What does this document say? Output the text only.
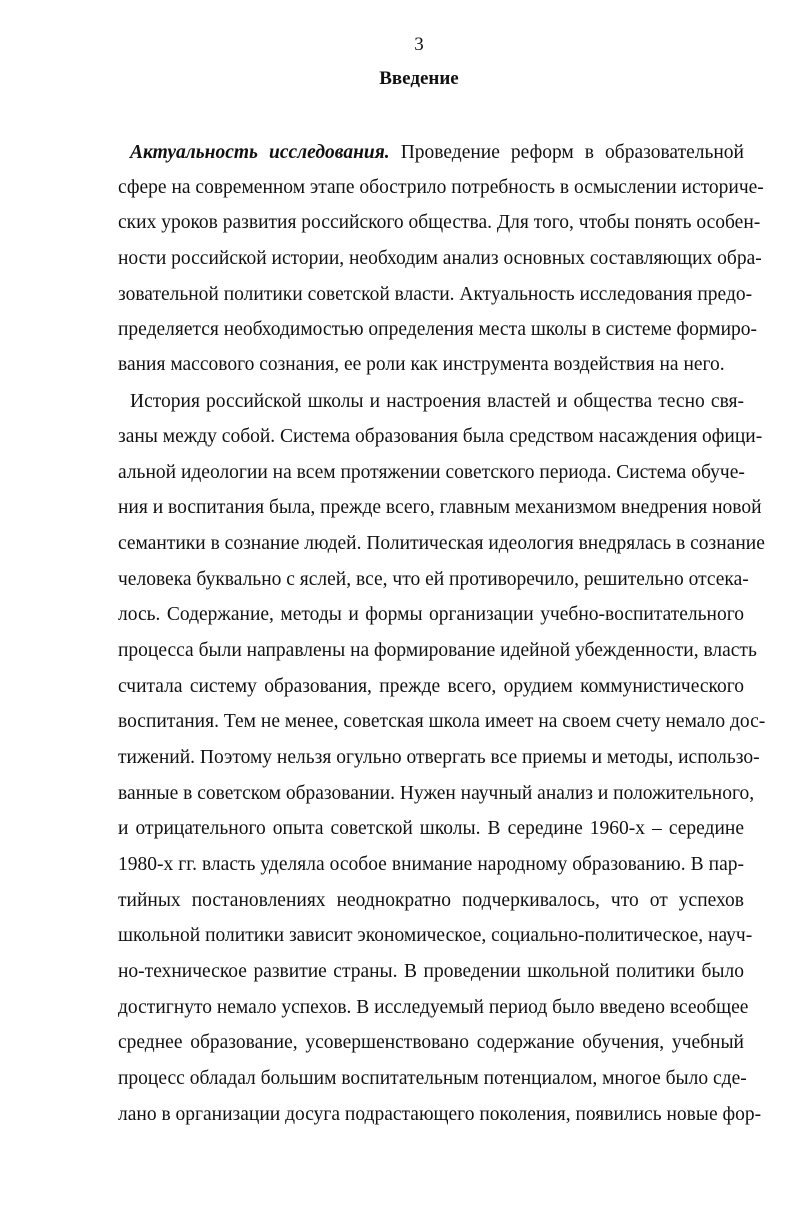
3
Введение
Актуальность исследования. Проведение реформ в образовательной
сфере на современном этапе обострило потребность в осмыслении историче-
ских уроков развития российского общества. Для того, чтобы понять особен-
ности российской истории, необходим анализ основных составляющих обра-
зовательной политики советской власти. Актуальность исследования предо-
пределяется необходимостью определения места школы в системе формиро-
вания массового сознания, ее роли как инструмента воздействия на него.
История российской школы и настроения властей и общества тесно свя-
заны между собой. Система образования была средством насаждения офици-
альной идеологии на всем протяжении советского периода. Система обуче-
ния и воспитания была, прежде всего, главным механизмом внедрения новой
семантики в сознание людей. Политическая идеология внедрялась в сознание
человека буквально с яслей, все, что ей противоречило, решительно отсека-
лось. Содержание, методы и формы организации учебно-воспитательного
процесса были направлены на формирование идейной убежденности, власть
считала систему образования, прежде всего, орудием коммунистического
воспитания. Тем не менее, советская школа имеет на своем счету немало дос-
тижений. Поэтому нельзя огульно отвергать все приемы и методы, использо-
ванные в советском образовании. Нужен научный анализ и положительного,
и отрицательного опыта советской школы. В середине 1960-х – середине
1980-х гг. власть уделяла особое внимание народному образованию. В пар-
тийных постановлениях неоднократно подчеркивалось, что от успехов
школьной политики зависит экономическое, социально-политическое, науч-
но-техническое развитие страны. В проведении школьной политики было
достигнуто немало успехов. В исследуемый период было введено всеобщее
среднее образование, усовершенствовано содержание обучения, учебный
процесс обладал большим воспитательным потенциалом, многое было сде-
лано в организации досуга подрастающего поколения, появились новые фор-
